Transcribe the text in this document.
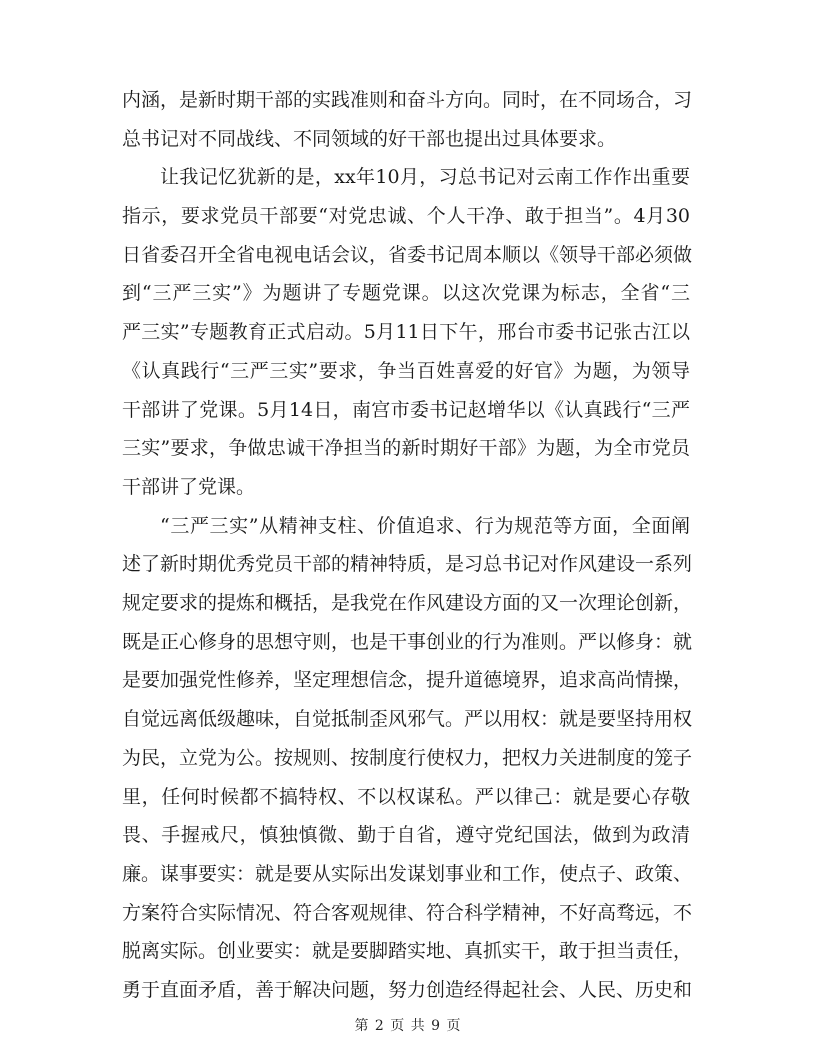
内涵，是新时期干部的实践准则和奋斗方向。同时，在不同场合，习
总书记对不同战线、不同领域的好干部也提出过具体要求。
让我记忆犹新的是，xx年10月，习总书记对云南工作作出重要
指示，要求党员干部要“对党忠诚、个人干净、敢于担当”。4月30
日省委召开全省电视电话会议，省委书记周本顺以《领导干部必须做
到“三严三实”》为题讲了专题党课。以这次党课为标志，全省“三
严三实”专题教育正式启动。5月11日下午，邢台市委书记张古江以
《认真践行“三严三实”要求，争当百姓喜爱的好官》为题，为领导
干部讲了党课。5月14日，南宫市委书记赵增华以《认真践行“三严
三实”要求，争做忠诚干净担当的新时期好干部》为题，为全市党员
干部讲了党课。
“三严三实”从精神支柱、价值追求、行为规范等方面，全面阐
述了新时期优秀党员干部的精神特质，是习总书记对作风建设一系列
规定要求的提炼和概括，是我党在作风建设方面的又一次理论创新，
既是正心修身的思想守则，也是干事创业的行为准则。严以修身：就
是要加强党性修养，坚定理想信念，提升道德境界，追求高尚情操，
自觉远离低级趣味，自觉抵制歪风邪气。严以用权：就是要坚持用权
为民，立党为公。按规则、按制度行使权力，把权力关进制度的笼子
里，任何时候都不搞特权、不以权谋私。严以律己：就是要心存敬
畏、手握戒尺，慎独慎微、勤于自省，遵守党纪国法，做到为政清
廉。谋事要实：就是要从实际出发谋划事业和工作，使点子、政策、
方案符合实际情况、符合客观规律、符合科学精神，不好高骛远，不
脱离实际。创业要实：就是要脚踏实地、真抓实干，敢于担当责任，
勇于直面矛盾，善于解决问题，努力创造经得起社会、人民、历史和
第 2 页 共 9 页
